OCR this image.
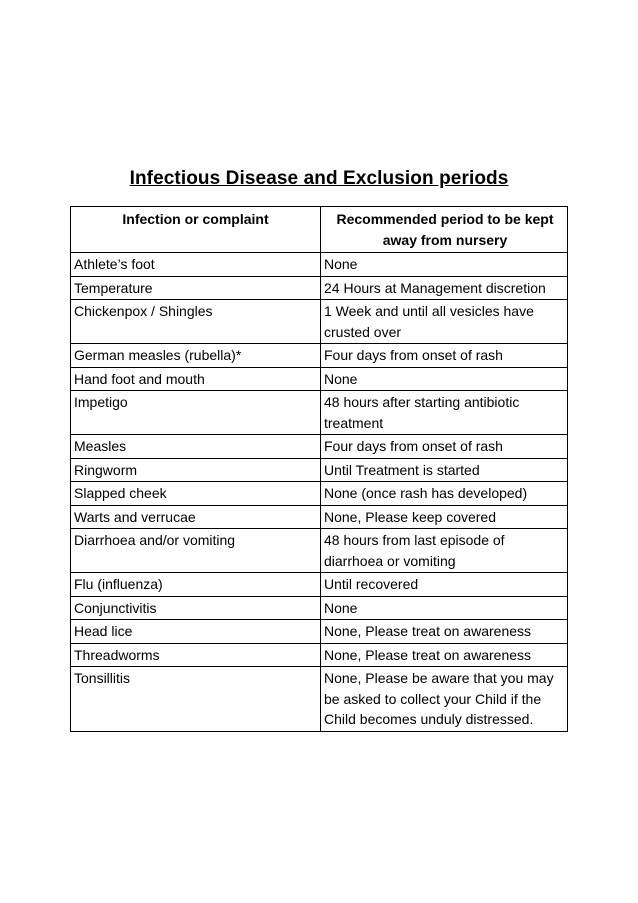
Infectious Disease and Exclusion periods
Infection or complaint	Recommended period to be kept away from nursery
Athlete’s foot	None
Temperature	24 Hours at Management discretion
Chickenpox / Shingles	1 Week and until all vesicles have crusted over
German measles (rubella)*	Four days from onset of rash
Hand foot and mouth	None
Impetigo	48 hours after starting antibiotic treatment
Measles	Four days from onset of rash
Ringworm	Until Treatment is started
Slapped cheek	None (once rash has developed)
Warts and verrucae	None, Please keep covered
Diarrhoea and/or vomiting	48 hours from last episode of diarrhoea or vomiting
Flu (influenza)	Until recovered
Conjunctivitis	None
Head lice	None, Please treat on awareness
Threadworms	None, Please treat on awareness
Tonsillitis	None, Please be aware that you may be asked to collect your Child if the Child becomes unduly distressed.
